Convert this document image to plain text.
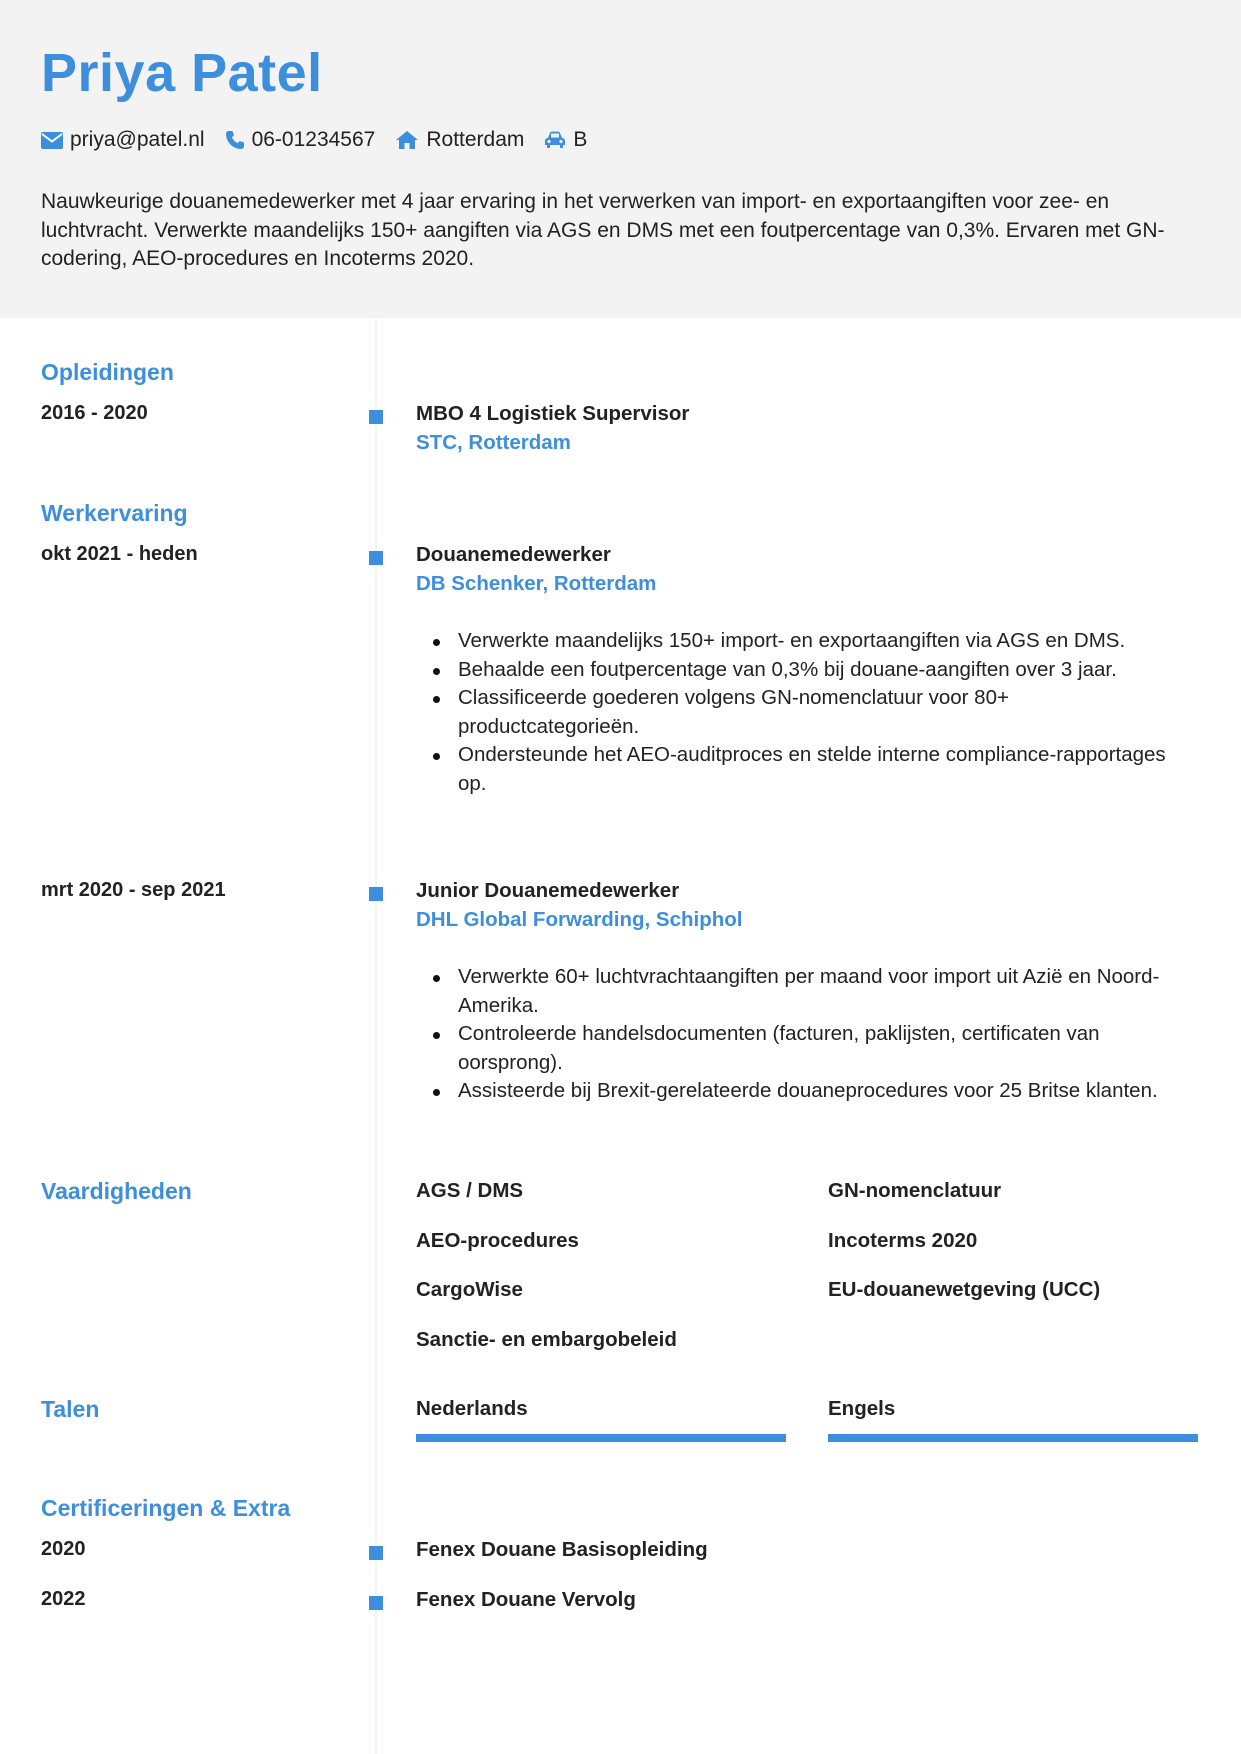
Priya Patel
priya@patel.nl 06-01234567 Rotterdam B
Nauwkeurige douanemedewerker met 4 jaar ervaring in het verwerken van import- en exportaangiften voor zee- en luchtvracht. Verwerkte maandelijks 150+ aangiften via AGS en DMS met een foutpercentage van 0,3%. Ervaren met GN-codering, AEO-procedures en Incoterms 2020.
Opleidingen
2016 - 2020	MBO 4 Logistiek Supervisor
STC, Rotterdam
Werkervaring
okt 2021 - heden	Douanemedewerker
DB Schenker, Rotterdam
Verwerkte maandelijks 150+ import- en exportaangiften via AGS en DMS.
Behaalde een foutpercentage van 0,3% bij douane-aangiften over 3 jaar.
Classificeerde goederen volgens GN-nomenclatuur voor 80+ productcategorieën.
Ondersteunde het AEO-auditproces en stelde interne compliance-rapportages op.
mrt 2020 - sep 2021	Junior Douanemedewerker
DHL Global Forwarding, Schiphol
Verwerkte 60+ luchtvrachtaangiften per maand voor import uit Azië en Noord-Amerika.
Controleerde handelsdocumenten (facturen, paklijsten, certificaten van oorsprong).
Assisteerde bij Brexit-gerelateerde douaneprocedures voor 25 Britse klanten.
Vaardigheden	AGS / DMS	GN-nomenclatuur
AEO-procedures	Incoterms 2020
CargoWise	EU-douanewetgeving (UCC)
Sanctie- en embargobeleid
Talen	Nederlands	Engels
Certificeringen & Extra
2020	Fenex Douane Basisopleiding
2022	Fenex Douane Vervolg
